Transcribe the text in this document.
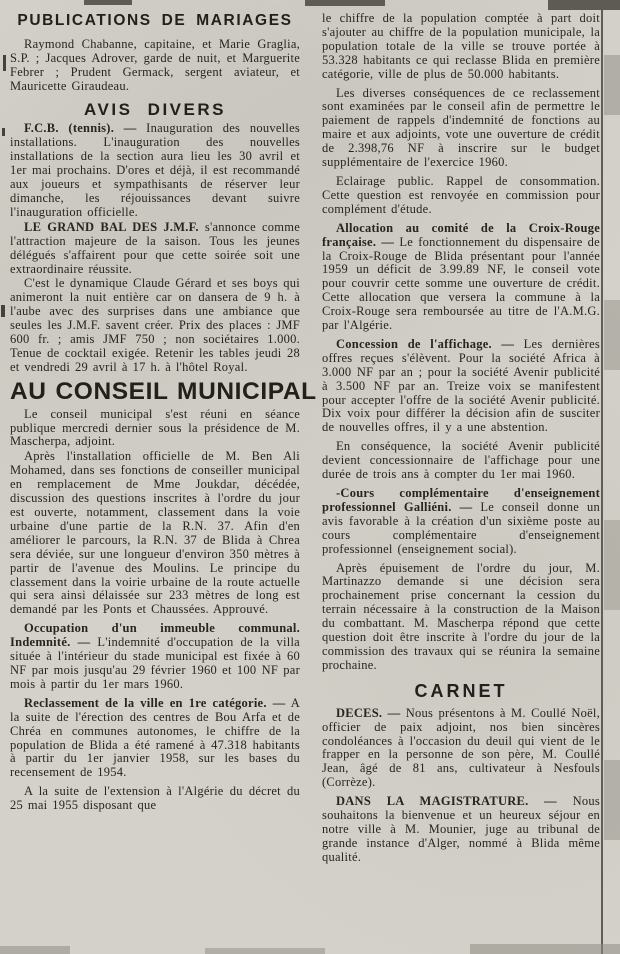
PUBLICATIONS DE MARIAGES

Raymond Chabanne, capitaine, et Marie Graglia, S.P. ; Jacques Adrover, garde de nuit, et Marguerite Febrer ; Prudent Germack, sergent aviateur, et Mauricette Giraudeau.

AVIS DIVERS

F.C.B. (tennis). — Inauguration des nouvelles installations. L'inauguration des nouvelles installations de la section aura lieu les 30 avril et 1er mai prochains. D'ores et déjà, il est recommandé aux joueurs et sympathisants de réserver leur dimanche, les réjouissances devant suivre l'inauguration officielle.

LE GRAND BAL DES J.M.F. s'annonce comme l'attraction majeure de la saison. Tous les jeunes délégués s'affairent pour que cette soirée soit une extraordinaire réussite.

C'est le dynamique Claude Gérard et ses boys qui animeront la nuit entière car on dansera de 9 h. à l'aube avec des surprises dans une ambiance que seules les J.M.F. savent créer. Prix des places : JMF 600 fr. ; amis JMF 750 ; non sociétaires 1.000. Tenue de cocktail exigée. Retenir les tables jeudi 28 et vendredi 29 avril à 17 h. à l'hôtel Royal.

AU CONSEIL MUNICIPAL

Le conseil municipal s'est réuni en séance publique mercredi dernier sous la présidence de M. Mascherpa, adjoint.

Après l'installation officielle de M. Ben Ali Mohamed, dans ses fonctions de conseiller municipal en remplacement de Mme Joukdar, décédée, discussion des questions inscrites à l'ordre du jour est ouverte, notamment, classement dans la voie urbaine d'une partie de la R.N. 37. Afin d'en améliorer le parcours, la R.N. 37 de Blida à Chrea sera déviée, sur une longueur d'environ 350 mètres à partir de l'avenue des Moulins. Le principe du classement dans la voirie urbaine de la route actuelle qui sera ainsi délaissée sur 233 mètres de long est demandé par les Ponts et Chaussées. Approuvé.

Occupation d'un immeuble communal. Indemnité. — L'indemnité d'occupation de la villa située à l'intérieur du stade municipal est fixée à 60 NF par mois jusqu'au 29 février 1960 et 100 NF par mois à partir du 1er mars 1960.

Reclassement de la ville en 1re catégorie. — A la suite de l'érection des centres de Bou Arfa et de Chréa en communes autonomes, le chiffre de la population de Blida a été ramené à 47.318 habitants à partir du 1er janvier 1958, sur les bases du recensement de 1954.

A la suite de l'extension à l'Algérie du décret du 25 mai 1955 disposant que

le chiffre de la population comptée à part doit s'ajouter au chiffre de la population municipale, la population totale de la ville se trouve portée à 53.328 habitants ce qui reclasse Blida en première catégorie, ville de plus de 50.000 habitants.

Les diverses conséquences de ce reclassement sont examinées par le conseil afin de permettre le paiement de rappels d'indemnité de fonctions au maire et aux adjoints, vote une ouverture de crédit de 2.398,76 NF à inscrire sur le budget supplémentaire de l'exercice 1960.

Eclairage public. Rappel de consommation. Cette question est renvoyée en commission pour complément d'étude.

Allocation au comité de la Croix-Rouge française. — Le fonctionnement du dispensaire de la Croix-Rouge de Blida présentant pour l'année 1959 un déficit de 3.99.89 NF, le conseil vote pour couvrir cette somme une ouverture de crédit. Cette allocation que versera la commune à la Croix-Rouge sera remboursée au titre de l'A.M.G. par l'Algérie.

Concession de l'affichage. — Les dernières offres reçues s'élèvent. Pour la société Africa à 3.000 NF par an ; pour la société Avenir publicité à 3.500 NF par an. Treize voix se manifestent pour accepter l'offre de la société Avenir publicité. Dix voix pour différer la décision afin de susciter de nouvelles offres, il y a une abstention.

En conséquence, la société Avenir publicité devient concessionnaire de l'affichage pour une durée de trois ans à compter du 1er mai 1960.

-Cours complémentaire d'enseignement professionnel Galliéni. — Le conseil donne un avis favorable à la création d'un sixième poste au cours complémentaire d'enseignement professionnel (enseignement social).

Après épuisement de l'ordre du jour, M. Martinazzo demande si une décision sera prochainement prise concernant la cession du terrain nécessaire à la construction de la Maison du combattant. M. Mascherpa répond que cette question doit être inscrite à l'ordre du jour de la commission des travaux qui se réunira la semaine prochaine.

CARNET

DECES. — Nous présentons à M. Coullé Noël, officier de paix adjoint, nos bien sincères condoléances à l'occasion du deuil qui vient de le frapper en la personne de son père, M. Coullé Jean, âgé de 81 ans, cultivateur à Nesfouls (Corrèze).

DANS LA MAGISTRATURE. — Nous souhaitons la bienvenue et un heureux séjour en notre ville à M. Mounier, juge au tribunal de grande instance d'Alger, nommé à Blida même qualité.
